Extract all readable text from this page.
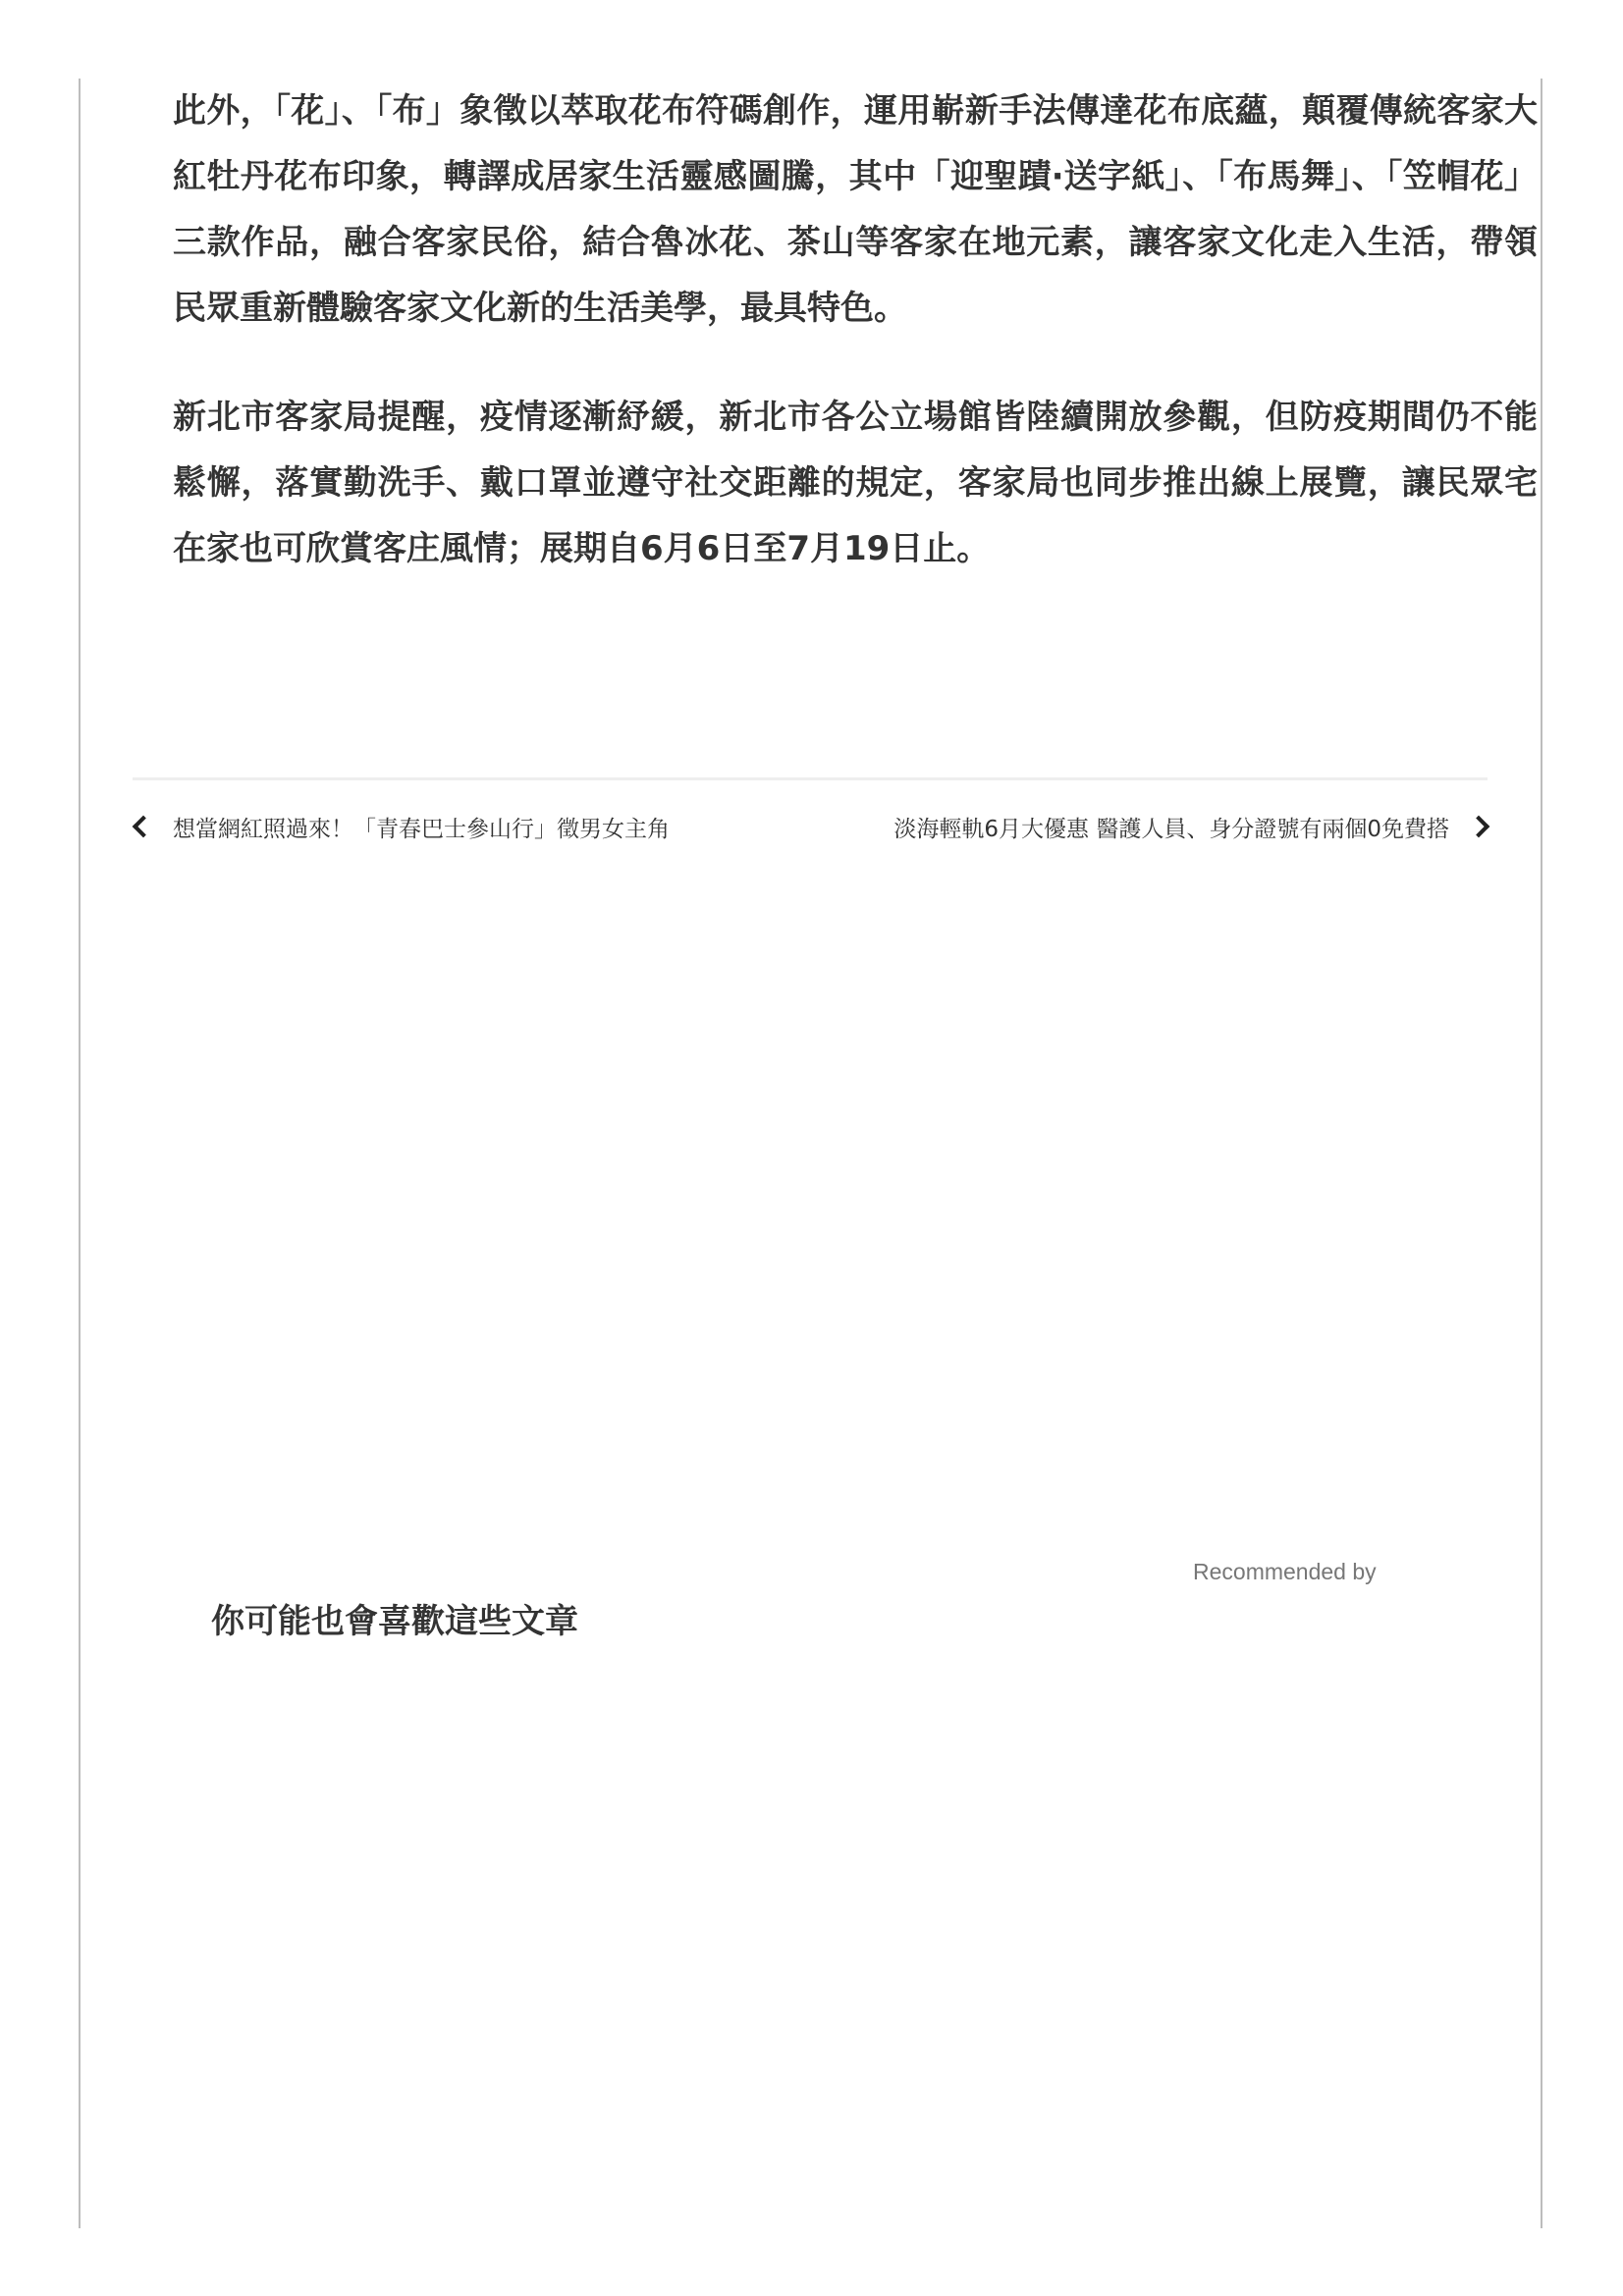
此外，「花」、「布」象徵以萃取花布符碼創作，運用嶄新手法傳達花布底蘊，顛覆傳統客家大紅牡丹花布印象，轉譯成居家生活靈感圖騰，其中「迎聖蹟‧送字紙」、「布馬舞」、「笠帽花」三款作品，融合客家民俗，結合魯冰花、茶山等客家在地元素，讓客家文化走入生活，帶領民眾重新體驗客家文化新的生活美學，最具特色。

新北市客家局提醒，疫情逐漸紓緩，新北市各公立場館皆陸續開放參觀，但防疫期間仍不能鬆懈，落實勤洗手、戴口罩並遵守社交距離的規定，客家局也同步推出線上展覽，讓民眾宅在家也可欣賞客庄風情；展期自6月6日至7月19日止。

想當網紅照過來！「青春巴士參山行」徵男女主角	淡海輕軌6月大優惠 醫護人員、身分證號有兩個0免費搭
Recommended by
你可能也會喜歡這些文章
